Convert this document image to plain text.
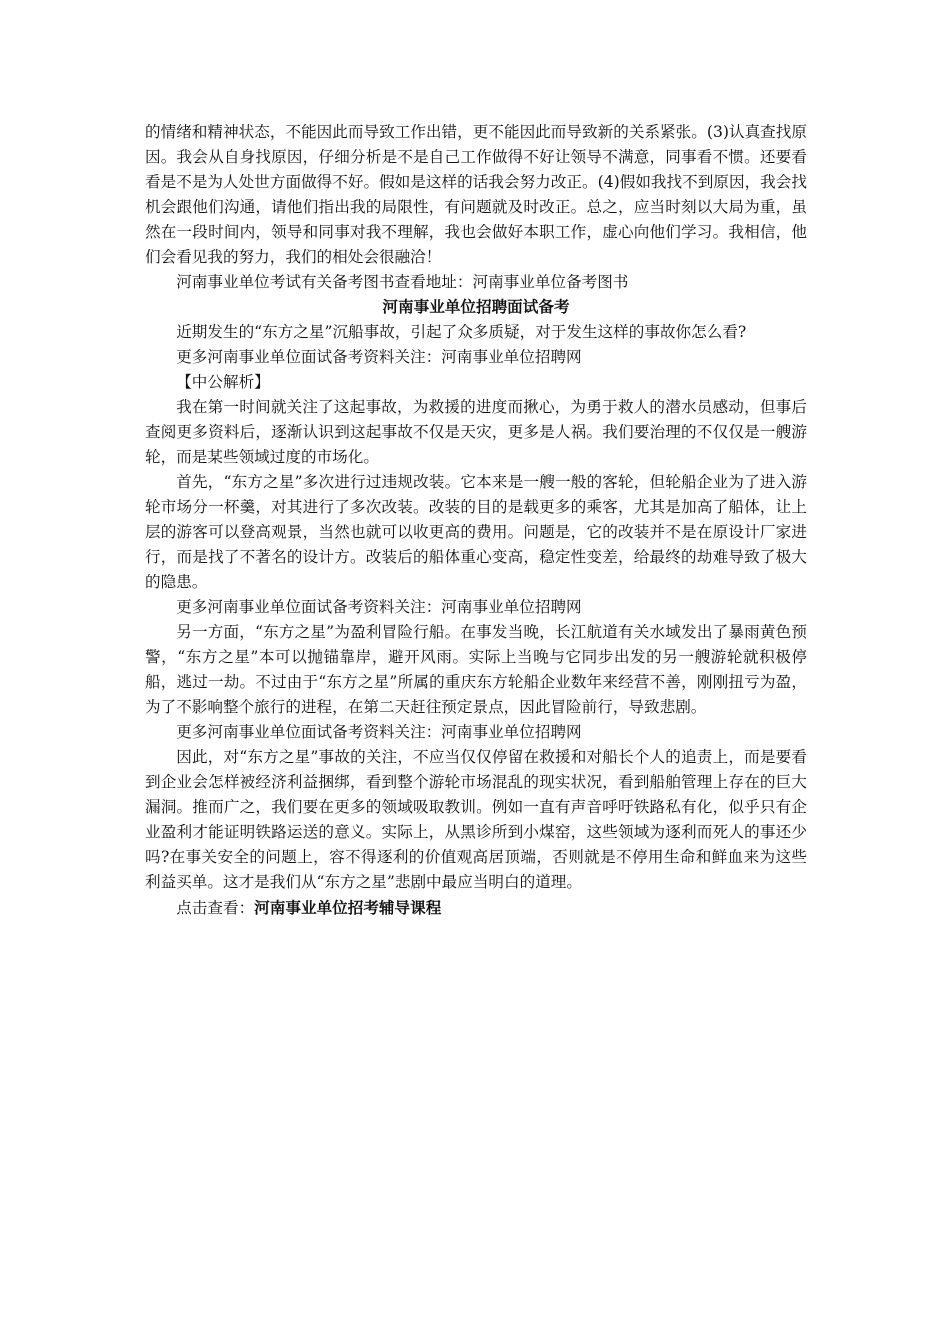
的情绪和精神状态，不能因此而导致工作出错，更不能因此而导致新的关系紧张。(3)认真查找原因。我会从自身找原因，仔细分析是不是自己工作做得不好让领导不满意，同事看不惯。还要看看是不是为人处世方面做得不好。假如是这样的话我会努力改正。(4)假如我找不到原因，我会找机会跟他们沟通，请他们指出我的局限性，有问题就及时改正。总之，应当时刻以大局为重，虽然在一段时间内，领导和同事对我不理解，我也会做好本职工作，虚心向他们学习。我相信，他们会看见我的努力，我们的相处会很融洽！

河南事业单位考试有关备考图书查看地址：河南事业单位备考图书

河南事业单位招聘面试备考

近期发生的“东方之星”沉船事故，引起了众多质疑，对于发生这样的事故你怎么看?

更多河南事业单位面试备考资料关注：河南事业单位招聘网

【中公解析】

我在第一时间就关注了这起事故，为救援的进度而揪心，为勇于救人的潜水员感动，但事后查阅更多资料后，逐渐认识到这起事故不仅是天灾，更多是人祸。我们要治理的不仅仅是一艘游轮，而是某些领域过度的市场化。

首先，“东方之星”多次进行过违规改装。它本来是一艘一般的客轮，但轮船企业为了进入游轮市场分一杯羹，对其进行了多次改装。改装的目的是载更多的乘客，尤其是加高了船体，让上层的游客可以登高观景，当然也就可以收更高的费用。问题是，它的改装并不是在原设计厂家进行，而是找了不著名的设计方。改装后的船体重心变高，稳定性变差，给最终的劫难导致了极大的隐患。

更多河南事业单位面试备考资料关注：河南事业单位招聘网

另一方面，“东方之星”为盈利冒险行船。在事发当晚，长江航道有关水域发出了暴雨黄色预警，“东方之星”本可以抛锚靠岸，避开风雨。实际上当晚与它同步出发的另一艘游轮就积极停船，逃过一劫。不过由于“东方之星”所属的重庆东方轮船企业数年来经营不善，刚刚扭亏为盈，为了不影响整个旅行的进程，在第二天赶往预定景点，因此冒险前行，导致悲剧。

更多河南事业单位面试备考资料关注：河南事业单位招聘网

因此，对“东方之星”事故的关注，不应当仅仅停留在救援和对船长个人的追责上，而是要看到企业会怎样被经济利益捆绑，看到整个游轮市场混乱的现实状况，看到船舶管理上存在的巨大漏洞。推而广之，我们要在更多的领域吸取教训。例如一直有声音呼吁铁路私有化，似乎只有企业盈利才能证明铁路运送的意义。实际上，从黑诊所到小煤窑，这些领域为逐利而死人的事还少吗?在事关安全的问题上，容不得逐利的价值观高居顶端，否则就是不停用生命和鲜血来为这些利益买单。这才是我们从“东方之星”悲剧中最应当明白的道理。

点击查看：河南事业单位招考辅导课程
